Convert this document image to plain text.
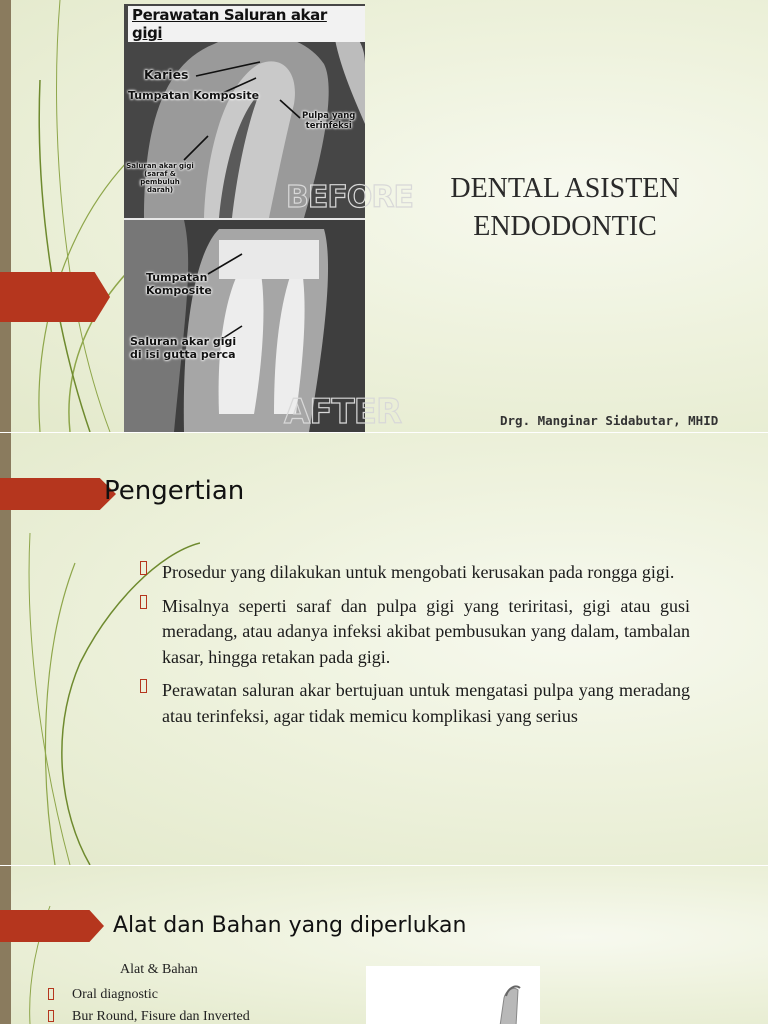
Perawatan Saluran akar gigi
Karies
Tumpatan Komposite
Pulpa yang
terinfeksi
Saluran akar gigi
(saraf &
pembuluh
darah)	BEFORE
Tumpatan
Komposite
Saluran akar gigi
di isi gutta perca
AFTER
DENTAL ASISTEN
ENDODONTIC
Drg. Manginar Sidabutar, MHID
Pengertian
Prosedur yang dilakukan untuk mengobati kerusakan pada rongga gigi.
Misalnya seperti saraf dan pulpa gigi yang teriritasi, gigi atau gusi meradang, atau adanya infeksi akibat pembusukan yang dalam, tambalan kasar, hingga retakan pada gigi.
Perawatan saluran akar bertujuan untuk mengatasi pulpa yang meradang atau terinfeksi, agar tidak memicu komplikasi yang serius
Alat dan Bahan yang diperlukan
Alat & Bahan
Oral diagnostic
Bur Round, Fisure dan Inverted
